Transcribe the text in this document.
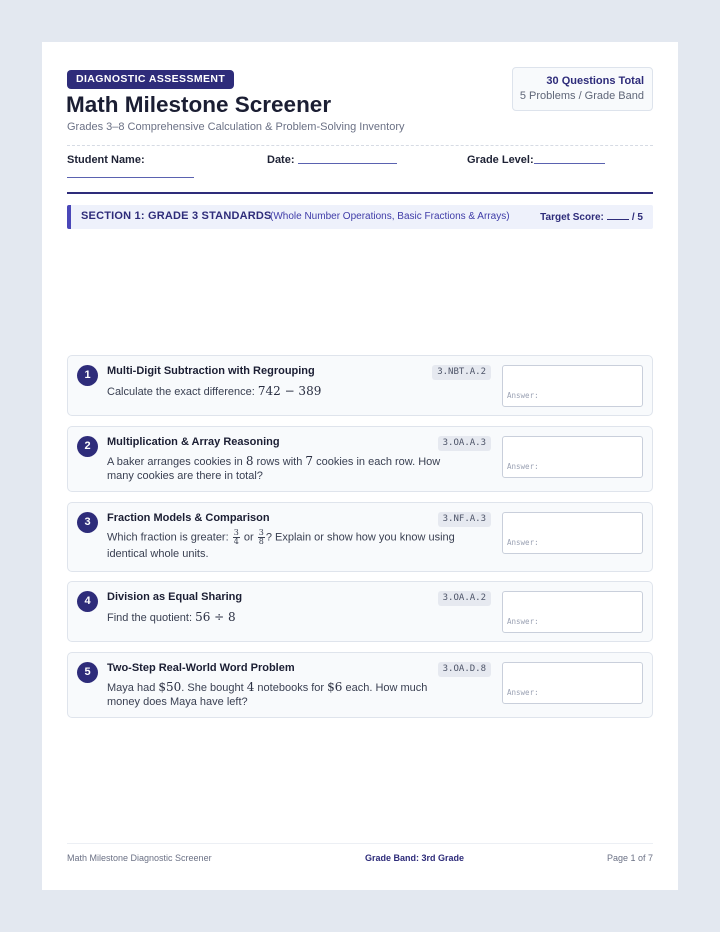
DIAGNOSTIC ASSESSMENT
Math Milestone Screener
Grades 3–8 Comprehensive Calculation & Problem-Solving Inventory
30 Questions Total
5 Problems / Grade Band
Student Name:	Date:	Grade Level:
SECTION 1: GRADE 3 STANDARDS
(Whole Number Operations, Basic Fractions & Arrays)	Target Score:	/ 5
1	Multi-Digit Subtraction with Regrouping	3.NBT.A.2
Calculate the exact difference: 742 − 389	Answer:
2	Multiplication & Array Reasoning	3.OA.A.3
A baker arranges cookies in 8 rows with 7 cookies in each row. How many cookies are there in total?
Answer:
3	Fraction Models & Comparison	3.NF.A.3
Which fraction is greater: $\frac{3}{4}$ or $\frac{3}{8}$ ? Explain or show how you know using identical whole units.
Answer:
4	Division as Equal Sharing	3.OA.A.2
Find the quotient: 56 ÷ 8	Answer:
5	Two-Step Real-World Word Problem	3.OA.D.8
Maya had $50. She bought 4 notebooks for $6 each. How much money does Maya have left?
Answer:
Math Milestone Diagnostic Screener	Grade Band: 3rd Grade	Page 1 of 7
